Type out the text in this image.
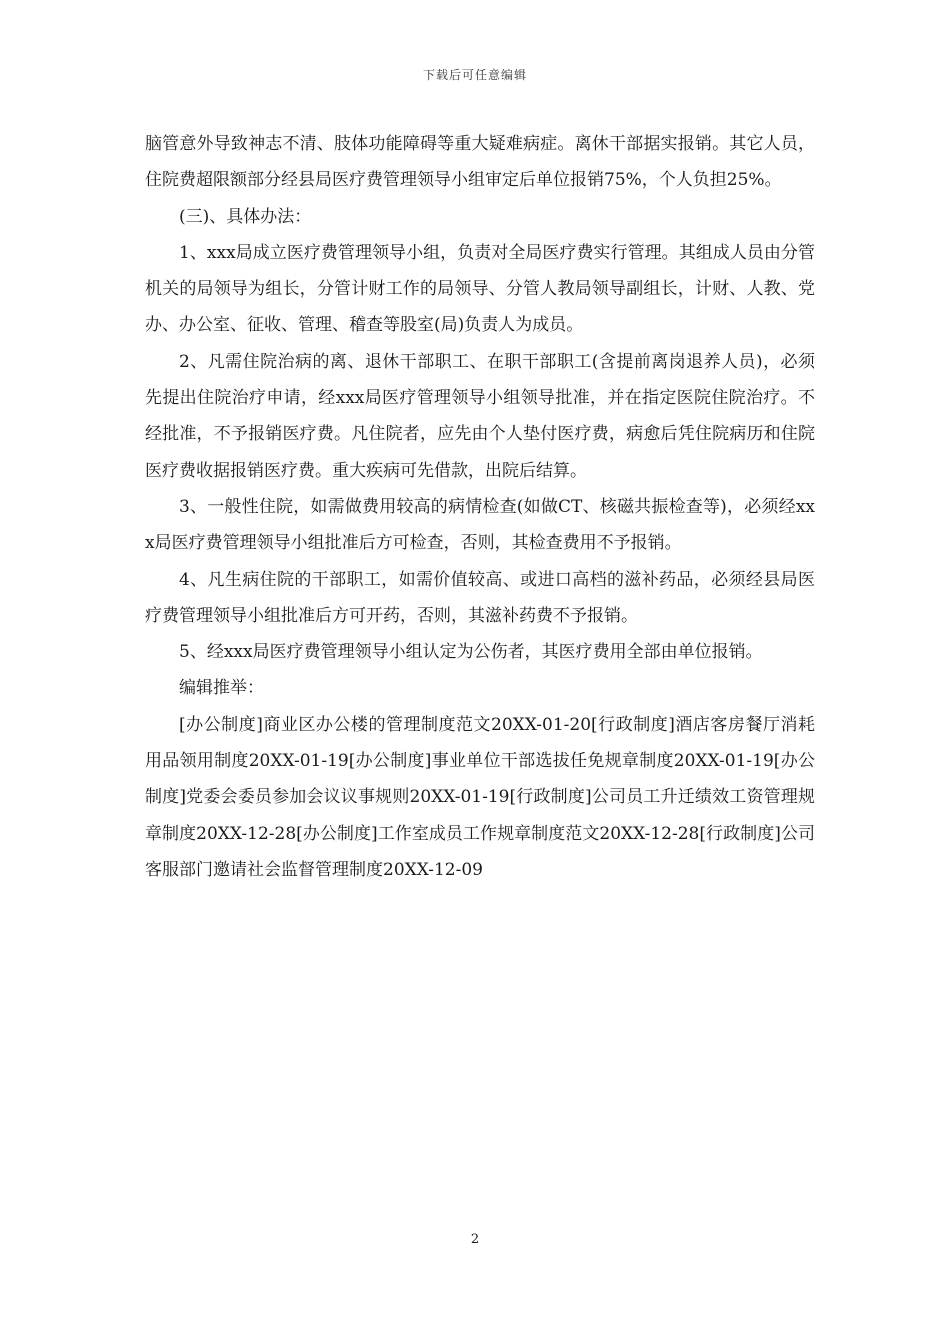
下载后可任意编辑

脑管意外导致神志不清、肢体功能障碍等重大疑难病症。离休干部据实报销。其它人员，住院费超限额部分经县局医疗费管理领导小组审定后单位报销75%，个人负担25%。

(三)、具体办法：

1、xxx局成立医疗费管理领导小组，负责对全局医疗费实行管理。其组成人员由分管机关的局领导为组长，分管计财工作的局领导、分管人教局领导副组长，计财、人教、党办、办公室、征收、管理、稽查等股室(局)负责人为成员。

2、凡需住院治病的离、退休干部职工、在职干部职工(含提前离岗退养人员)，必须先提出住院治疗申请，经xxx局医疗管理领导小组领导批准，并在指定医院住院治疗。不经批准，不予报销医疗费。凡住院者，应先由个人垫付医疗费，病愈后凭住院病历和住院医疗费收据报销医疗费。重大疾病可先借款，出院后结算。

3、一般性住院，如需做费用较高的病情检查(如做CT、核磁共振检查等)，必须经xxx局医疗费管理领导小组批准后方可检查，否则，其检查费用不予报销。

4、凡生病住院的干部职工，如需价值较高、或进口高档的滋补药品，必须经县局医疗费管理领导小组批准后方可开药，否则，其滋补药费不予报销。

5、经xxx局医疗费管理领导小组认定为公伤者，其医疗费用全部由单位报销。

编辑推举：

[办公制度]商业区办公楼的管理制度范文20XX-01-20[行政制度]酒店客房餐厅消耗用品领用制度20XX-01-19[办公制度]事业单位干部选拔任免规章制度20XX-01-19[办公制度]党委会委员参加会议议事规则20XX-01-19[行政制度]公司员工升迁绩效工资管理规章制度20XX-12-28[办公制度]工作室成员工作规章制度范文20XX-12-28[行政制度]公司客服部门邀请社会监督管理制度20XX-12-09

2
